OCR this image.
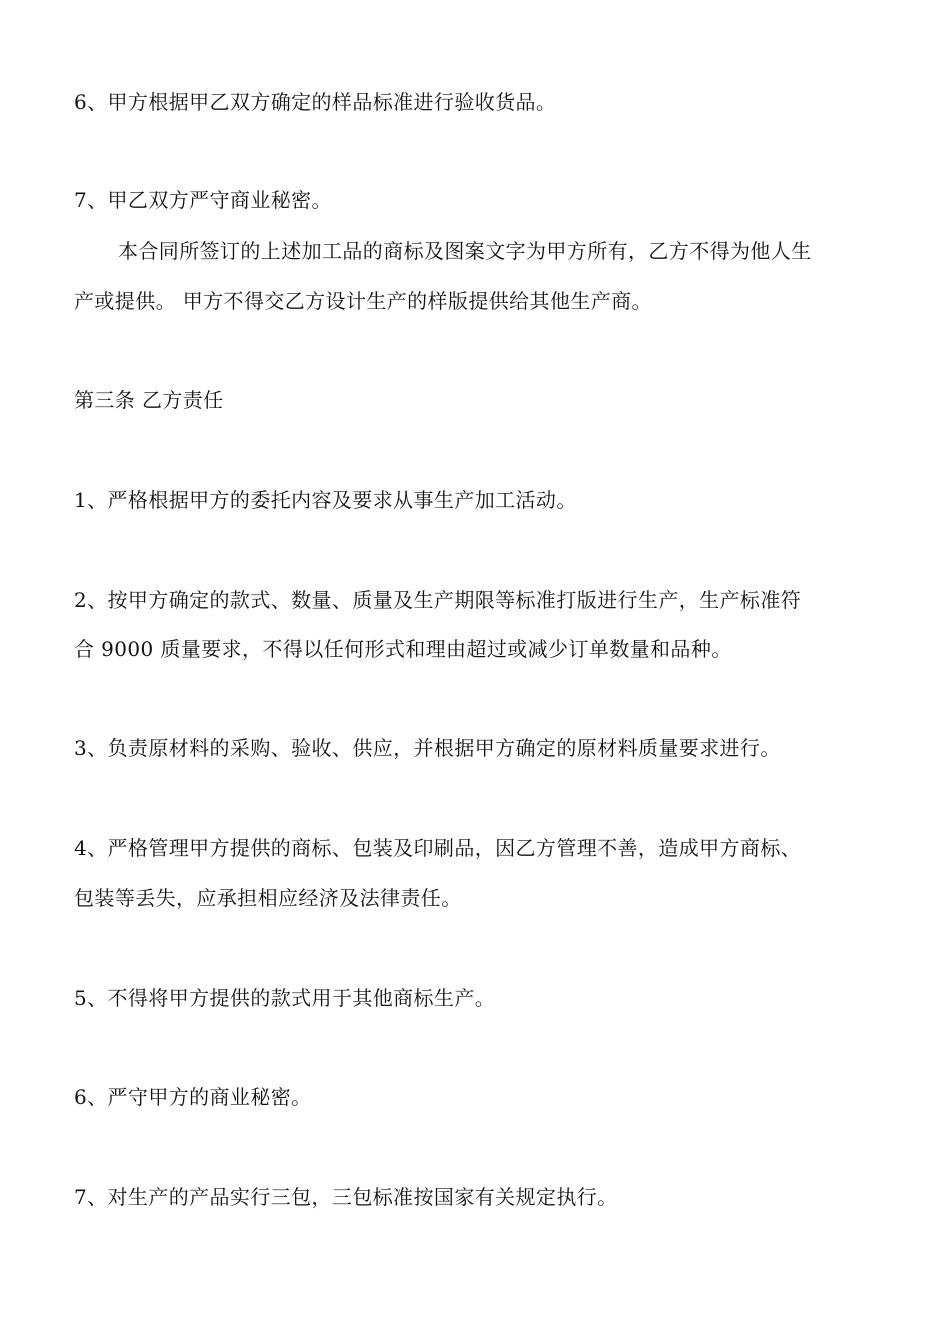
6、甲方根据甲乙双方确定的样品标准进行验收货品。
7、甲乙双方严守商业秘密。
本合同所签订的上述加工品的商标及图案文字为甲方所有，乙方不得为他人生
产或提供。 甲方不得交乙方设计生产的样版提供给其他生产商。
第三条 乙方责任
1、严格根据甲方的委托内容及要求从事生产加工活动。
2、按甲方确定的款式、数量、质量及生产期限等标准打版进行生产，生产标准符
合 9000 质量要求，不得以任何形式和理由超过或减少订单数量和品种。
3、负责原材料的采购、验收、供应，并根据甲方确定的原材料质量要求进行。
4、严格管理甲方提供的商标、包装及印刷品，因乙方管理不善，造成甲方商标、
包装等丢失，应承担相应经济及法律责任。
5、不得将甲方提供的款式用于其他商标生产。
6、严守甲方的商业秘密。
7、对生产的产品实行三包，三包标准按国家有关规定执行。
